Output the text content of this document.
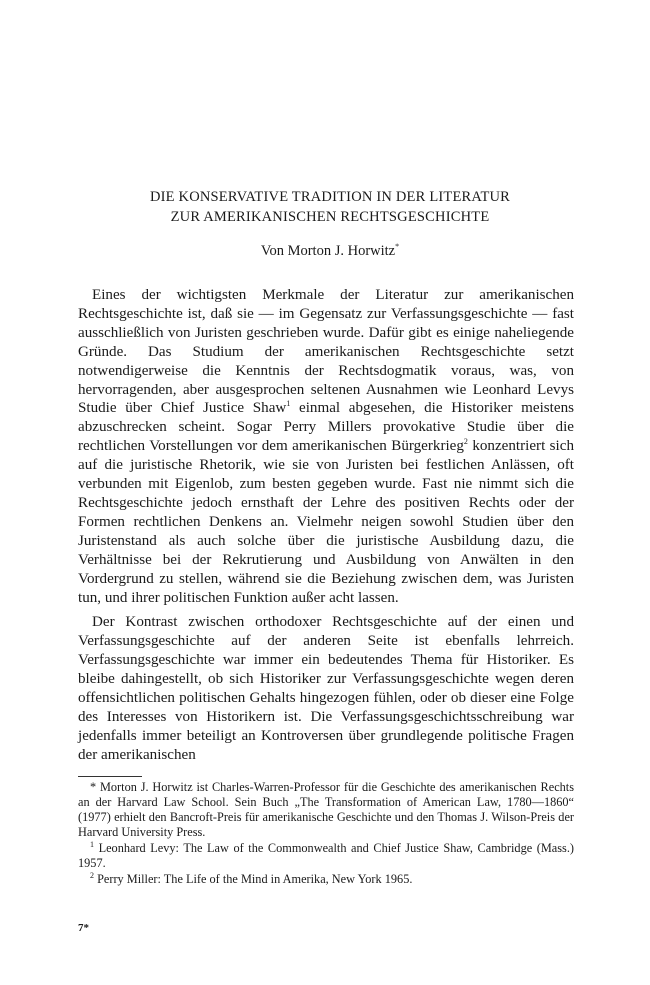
DIE KONSERVATIVE TRADITION IN DER LITERATUR
ZUR AMERIKANISCHEN RECHTSGESCHICHTE
Von Morton J. Horwitz*

Eines der wichtigsten Merkmale der Literatur zur amerikanischen Rechtsgeschichte ist, daß sie — im Gegensatz zur Verfassungsgeschichte — fast ausschließlich von Juristen geschrieben wurde. Dafür gibt es einige naheliegende Gründe. Das Studium der amerikanischen Rechtsgeschichte setzt notwendigerweise die Kenntnis der Rechtsdogmatik voraus, was, von hervorragenden, aber ausgesprochen seltenen Ausnahmen wie Leonhard Levys Studie über Chief Justice Shaw$^1$ einmal abgesehen, die Historiker meistens abzuschrecken scheint. Sogar Perry Millers provokative Studie über die rechtlichen Vorstellungen vor dem amerikanischen Bürgerkrieg$^2$ konzentriert sich auf die juristische Rhetorik, wie sie von Juristen bei festlichen Anlässen, oft verbunden mit Eigenlob, zum besten gegeben wurde. Fast nie nimmt sich die Rechtsgeschichte jedoch ernsthaft der Lehre des positiven Rechts oder der Formen rechtlichen Denkens an. Vielmehr neigen sowohl Studien über den Juristenstand als auch solche über die juristische Ausbildung dazu, die Verhältnisse bei der Rekrutierung und Ausbildung von Anwälten in den Vordergrund zu stellen, während sie die Beziehung zwischen dem, was Juristen tun, und ihrer politischen Funktion außer acht lassen.

Der Kontrast zwischen orthodoxer Rechtsgeschichte auf der einen und Verfassungsgeschichte auf der anderen Seite ist ebenfalls lehrreich. Verfassungsgeschichte war immer ein bedeutendes Thema für Historiker. Es bleibe dahingestellt, ob sich Historiker zur Verfassungsgeschichte wegen deren offensichtlichen politischen Gehalts hingezogen fühlen, oder ob dieser eine Folge des Interesses von Historikern ist. Die Verfassungsgeschichtsschreibung war jedenfalls immer beteiligt an Kontroversen über grundlegende politische Fragen der amerikanischen

* Morton J. Horwitz ist Charles-Warren-Professor für die Geschichte des amerikanischen Rechts an der Harvard Law School. Sein Buch „The Transformation of American Law, 1780—1860“ (1977) erhielt den Bancroft-Preis für amerikanische Geschichte und den Thomas J. Wilson-Preis der Harvard University Press.

$^1$ Leonhard Levy: The Law of the Commonwealth and Chief Justice Shaw, Cambridge (Mass.) 1957.

$^2$ Perry Miller: The Life of the Mind in Amerika, New York 1965.

7*
